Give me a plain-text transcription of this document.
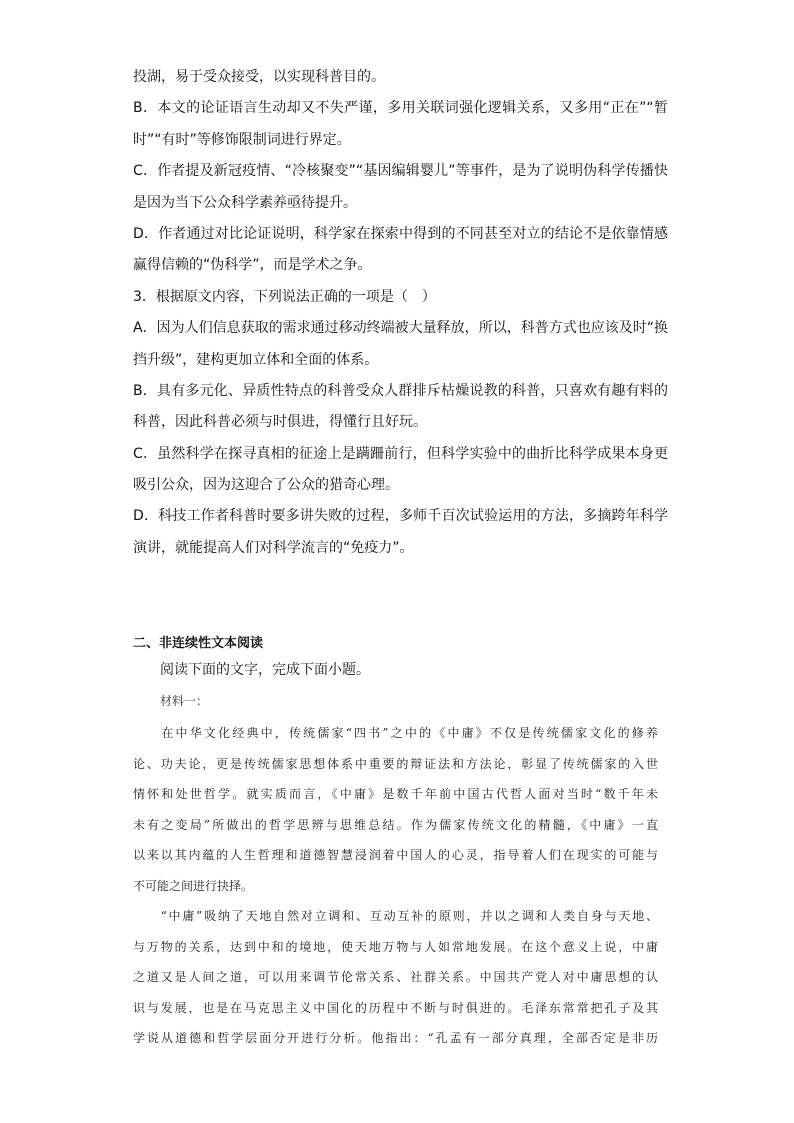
投湖，易于受众接受，以实现科普目的。
B．本文的论证语言生动却又不失严谨，多用关联词强化逻辑关系，又多用“正在”“暂
时”“有时”等修饰限制词进行界定。
C．作者提及新冠疫情、“冷核聚变”“基因编辑婴儿”等事件，是为了说明伪科学传播快
是因为当下公众科学素养亟待提升。
D．作者通过对比论证说明，科学家在探索中得到的不同甚至对立的结论不是依靠情感
赢得信赖的“伪科学”，而是学术之争。
3．根据原文内容，下列说法正确的一项是（　）
A．因为人们信息获取的需求通过移动终端被大量释放，所以，科普方式也应该及时“换
挡升级”，建构更加立体和全面的体系。
B．具有多元化、异质性特点的科普受众人群排斥枯燥说教的科普，只喜欢有趣有料的
科普，因此科普必须与时俱进，得懂行且好玩。
C．虽然科学在探寻真相的征途上是蹒跚前行，但科学实验中的曲折比科学成果本身更
吸引公众，因为这迎合了公众的猎奇心理。
D．科技工作者科普时要多讲失败的过程，多师千百次试验运用的方法，多摘跨年科学
演讲，就能提高人们对科学流言的“免疫力”。
二、非连续性文本阅读
阅读下面的文字，完成下面小题。
材料一：
　　在中华文化经典中，传统儒家“四书”之中的《中庸》不仅是传统儒家文化的修养
论、功夫论，更是传统儒家思想体系中重要的辩证法和方法论，彰显了传统儒家的入世
情怀和处世哲学。就实质而言，《中庸》是数千年前中国古代哲人面对当时“数千年未
未有之变局”所做出的哲学思辨与思维总结。作为儒家传统文化的精髓，《中庸》一直
以来以其内蕴的人生哲理和道德智慧浸润着中国人的心灵，指导着人们在现实的可能与
不可能之间进行抉择。
　　“中庸”吸纳了天地自然对立调和、互动互补的原则，并以之调和人类自身与天地、
与万物的关系，达到中和的境地，使天地万物与人如常地发展。在这个意义上说，中庸
之道又是人间之道，可以用来调节伦常关系、社群关系。中国共产党人对中庸思想的认
识与发展，也是在马克思主义中国化的历程中不断与时俱进的。毛泽东常常把孔子及其
学说从道德和哲学层面分开进行分析。他指出：“孔孟有一部分真理，全部否定是非历
